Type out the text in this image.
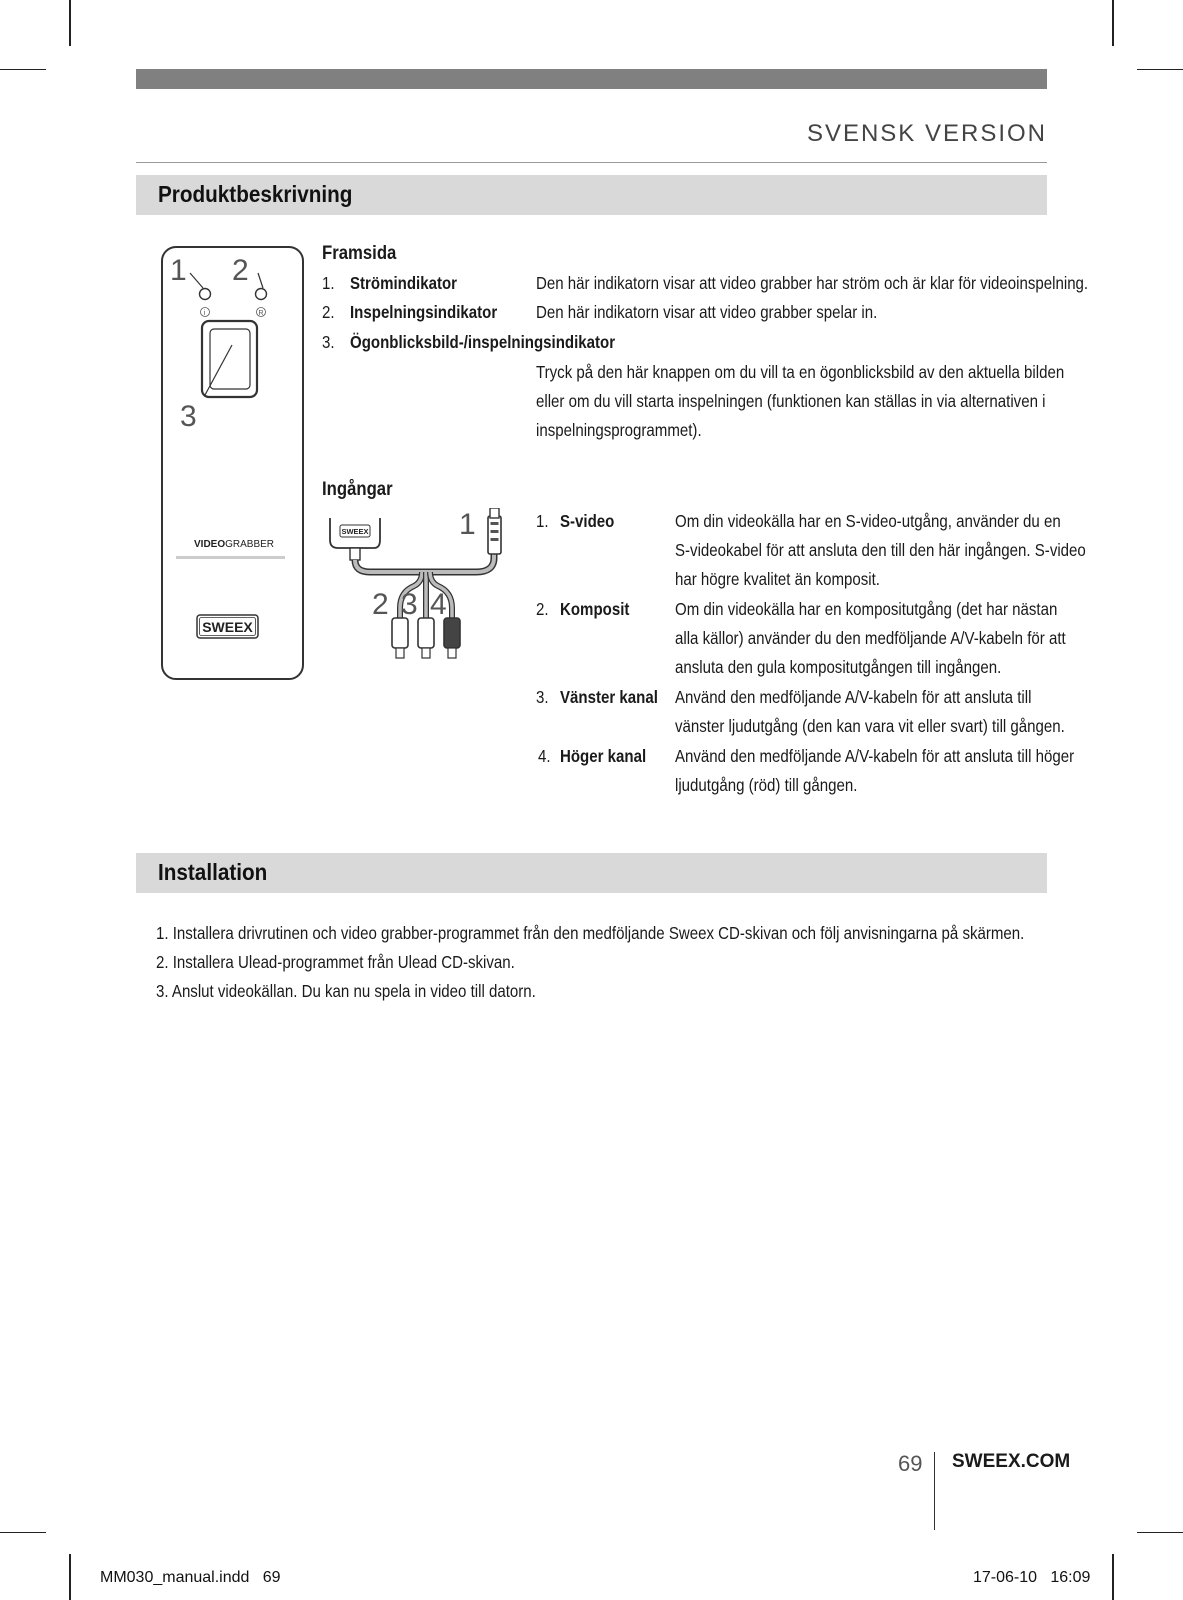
SVENSK VERSION
Produktbeskrivning
1 2
i	R
3
VIDEOGRABBER
SWEEX
Framsida
1. Strömindikator	Den här indikatorn visar att video grabber har ström och är klar för videoinspelning.
2. Inspelningsindikator Den här indikatorn visar att video grabber spelar in.
3. Ögonblicksbild-/inspelningsindikator
Tryck på den här knappen om du vill ta en ögonblicksbild av den aktuella bilden
eller om du vill starta inspelningen (funktionen kan ställas in via alternativen i
inspelningsprogrammet).
Ingångar
SWEEX	1
2 3 4
1. S-video	Om din videokälla har en S-video-utgång, använder du en
S-videokabel för att ansluta den till den här ingången. S-video
har högre kvalitet än komposit.
2. Komposit	Om din videokälla har en kompositutgång (det har nästan
alla källor) använder du den medföljande A/V-kabeln för att
ansluta den gula kompositutgången till ingången.
3. Vänster kanal Använd den medföljande A/V-kabeln för att ansluta till
vänster ljudutgång (den kan vara vit eller svart) till gången.
4. Höger kanal Använd den medföljande A/V-kabeln för att ansluta till höger
ljudutgång (röd) till gången.
Installation
1. Installera drivrutinen och video grabber-programmet från den medföljande Sweex CD-skivan och följ anvisningarna på skärmen.
2. Installera Ulead-programmet från Ulead CD-skivan.
3. Anslut videokällan. Du kan nu spela in video till datorn.
69 SWEEX.COM
MM030_manual.indd   69	17-06-10   16:09
